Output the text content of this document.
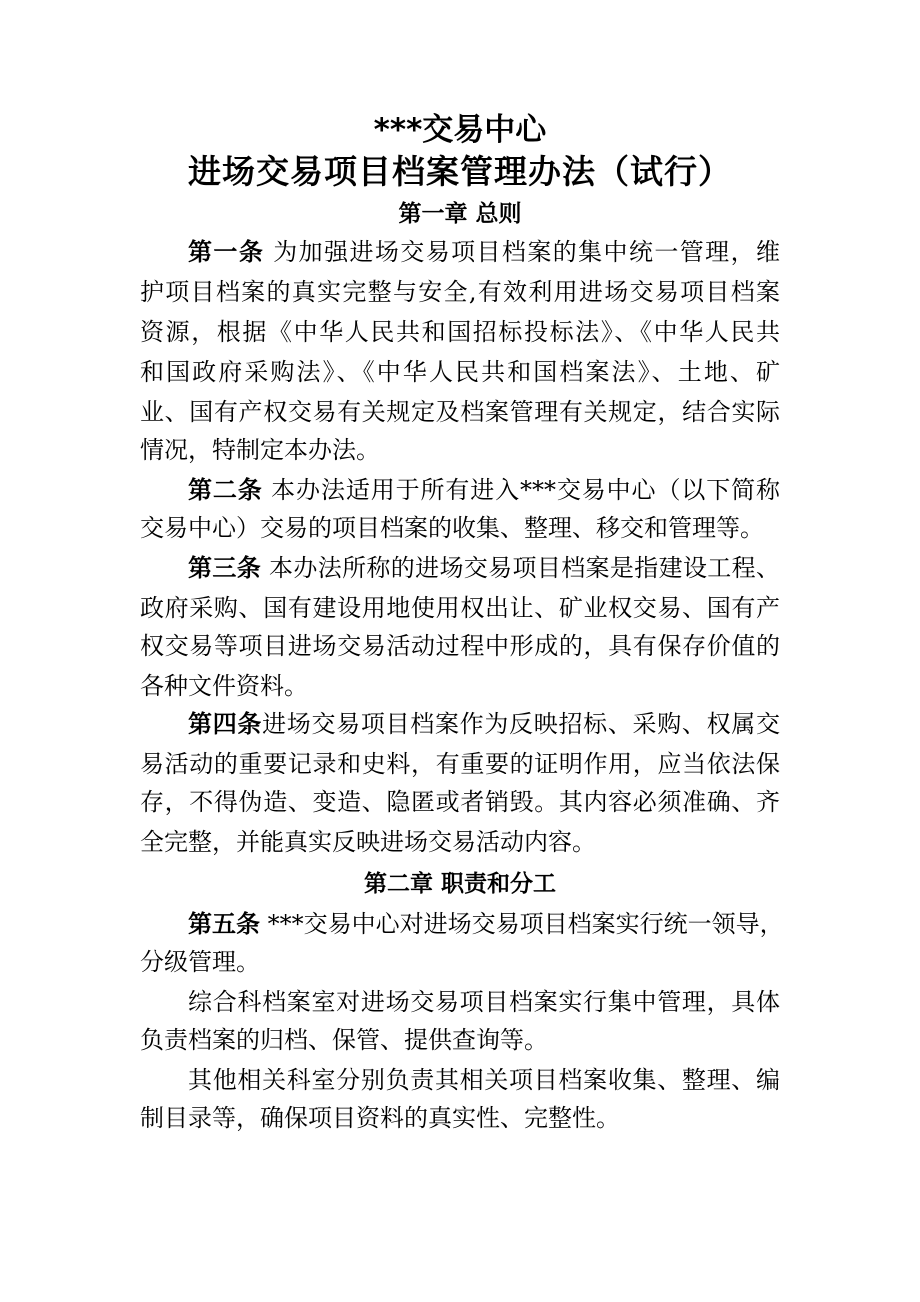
***交易中心
进场交易项目档案管理办法（试行）
第一章 总则
第一条 为加强进场交易项目档案的集中统一管理，维
护项目档案的真实完整与安全,有效利用进场交易项目档案
资源，根据《中华人民共和国招标投标法》、《中华人民共
和国政府采购法》、《中华人民共和国档案法》、土地、矿
业、国有产权交易有关规定及档案管理有关规定，结合实际
情况，特制定本办法。
第二条 本办法适用于所有进入***交易中心（以下简称
交易中心）交易的项目档案的收集、整理、移交和管理等。
第三条 本办法所称的进场交易项目档案是指建设工程、
政府采购、国有建设用地使用权出让、矿业权交易、国有产
权交易等项目进场交易活动过程中形成的，具有保存价值的
各种文件资料。
第四条进场交易项目档案作为反映招标、采购、权属交
易活动的重要记录和史料，有重要的证明作用，应当依法保
存，不得伪造、变造、隐匿或者销毁。其内容必须准确、齐
全完整，并能真实反映进场交易活动内容。
第二章 职责和分工
第五条 ***交易中心对进场交易项目档案实行统一领导，
分级管理。
综合科档案室对进场交易项目档案实行集中管理，具体
负责档案的归档、保管、提供查询等。
其他相关科室分别负责其相关项目档案收集、整理、编
制目录等，确保项目资料的真实性、完整性。
